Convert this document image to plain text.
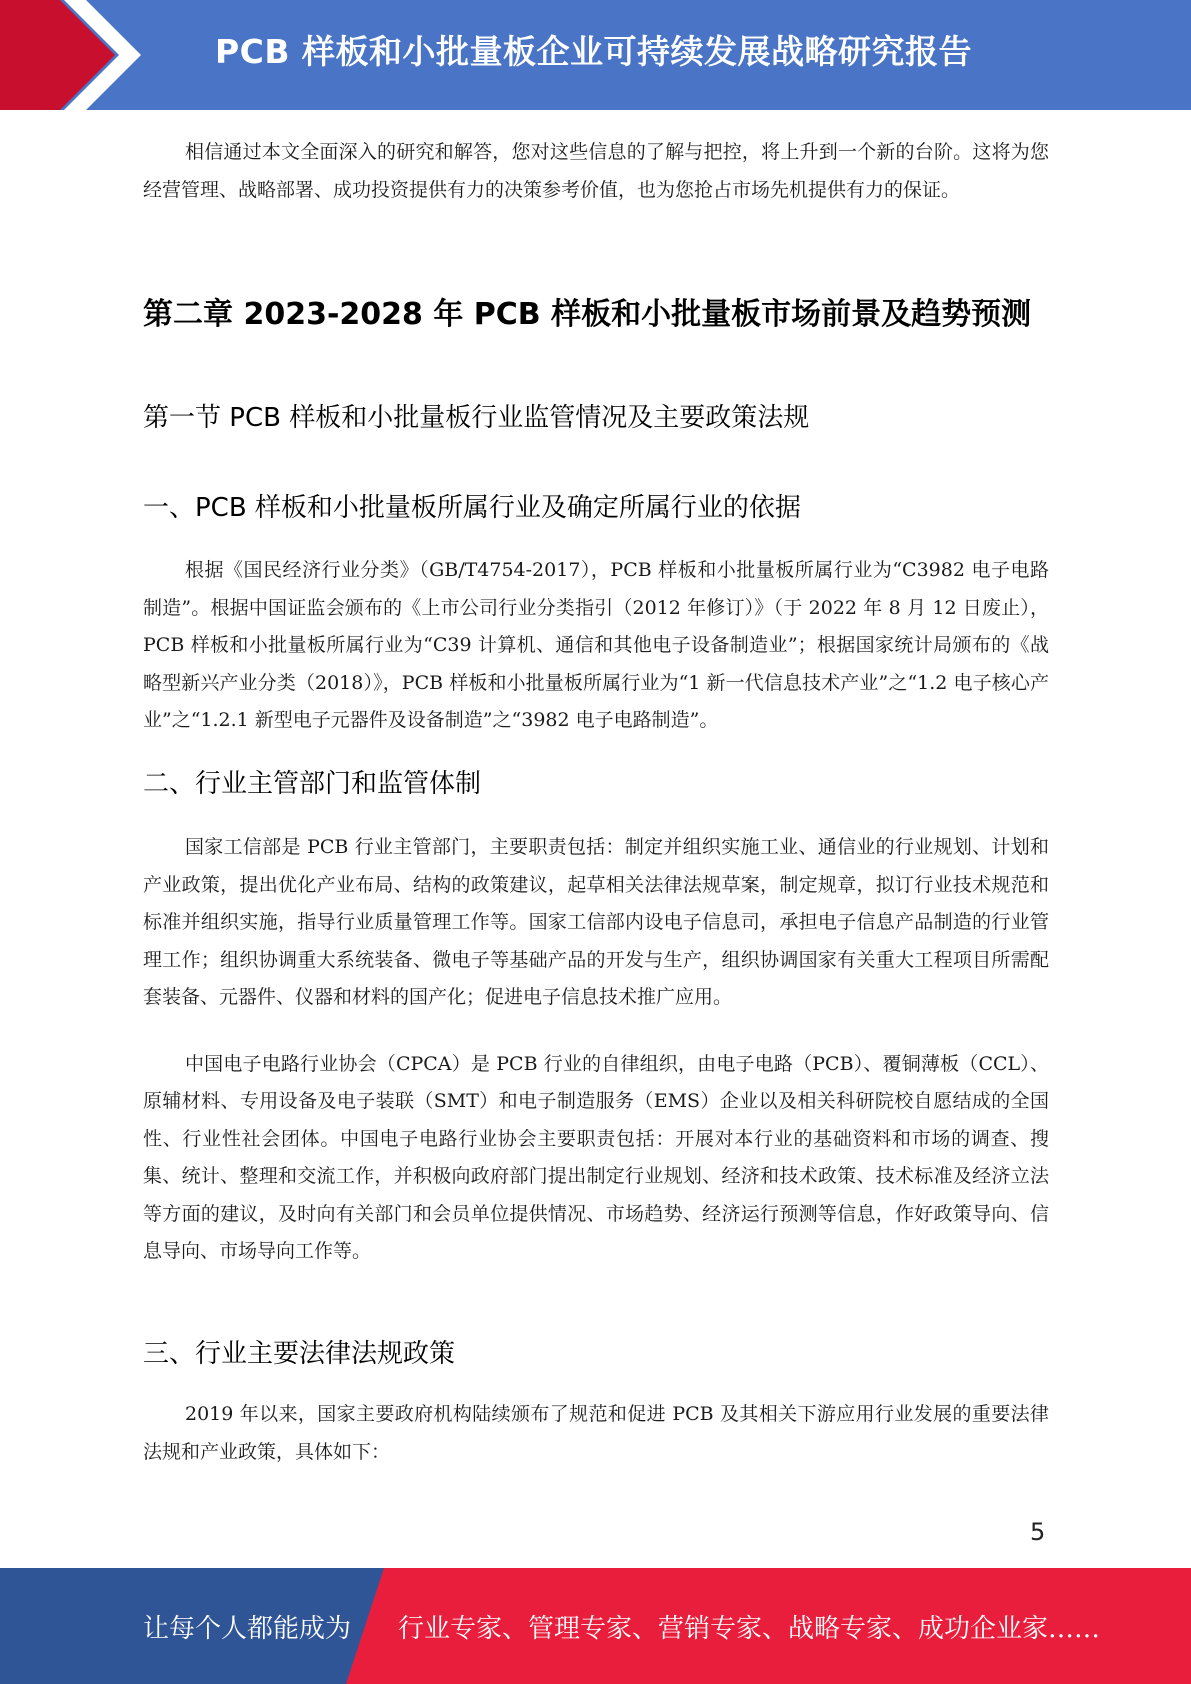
PCB 样板和小批量板企业可持续发展战略研究报告

相信通过本文全面深入的研究和解答，您对这些信息的了解与把控，将上升到一个新的台阶。这将为您经营管理、战略部署、成功投资提供有力的决策参考价值，也为您抢占市场先机提供有力的保证。

第二章 2023-2028 年 PCB 样板和小批量板市场前景及趋势预测
第一节 PCB 样板和小批量板行业监管情况及主要政策法规
一、PCB 样板和小批量板所属行业及确定所属行业的依据

根据《国民经济行业分类》（GB/T4754-2017），PCB 样板和小批量板所属行业为“C3982 电子电路制造”。根据中国证监会颁布的《上市公司行业分类指引（2012 年修订）》（于 2022 年 8 月 12 日废止），PCB 样板和小批量板所属行业为“C39 计算机、通信和其他电子设备制造业”；根据国家统计局颁布的《战略型新兴产业分类（2018）》，PCB 样板和小批量板所属行业为“1 新一代信息技术产业”之“1.2 电子核心产业”之“1.2.1 新型电子元器件及设备制造”之“3982 电子电路制造”。

二、行业主管部门和监管体制

国家工信部是 PCB 行业主管部门，主要职责包括：制定并组织实施工业、通信业的行业规划、计划和产业政策，提出优化产业布局、结构的政策建议，起草相关法律法规草案，制定规章，拟订行业技术规范和标准并组织实施，指导行业质量管理工作等。国家工信部内设电子信息司，承担电子信息产品制造的行业管理工作；组织协调重大系统装备、微电子等基础产品的开发与生产，组织协调国家有关重大工程项目所需配套装备、元器件、仪器和材料的国产化；促进电子信息技术推广应用。

中国电子电路行业协会（CPCA）是 PCB 行业的自律组织，由电子电路（PCB）、覆铜薄板（CCL）、原辅材料、专用设备及电子装联（SMT）和电子制造服务（EMS）企业以及相关科研院校自愿结成的全国性、行业性社会团体。中国电子电路行业协会主要职责包括：开展对本行业的基础资料和市场的调查、搜集、统计、整理和交流工作，并积极向政府部门提出制定行业规划、经济和技术政策、技术标准及经济立法等方面的建议，及时向有关部门和会员单位提供情况、市场趋势、经济运行预测等信息，作好政策导向、信息导向、市场导向工作等。

三、行业主要法律法规政策

2019 年以来，国家主要政府机构陆续颁布了规范和促进 PCB 及其相关下游应用行业发展的重要法律法规和产业政策，具体如下：

5
让每个人都能成为 行业专家、管理专家、营销专家、战略专家、成功企业家……
